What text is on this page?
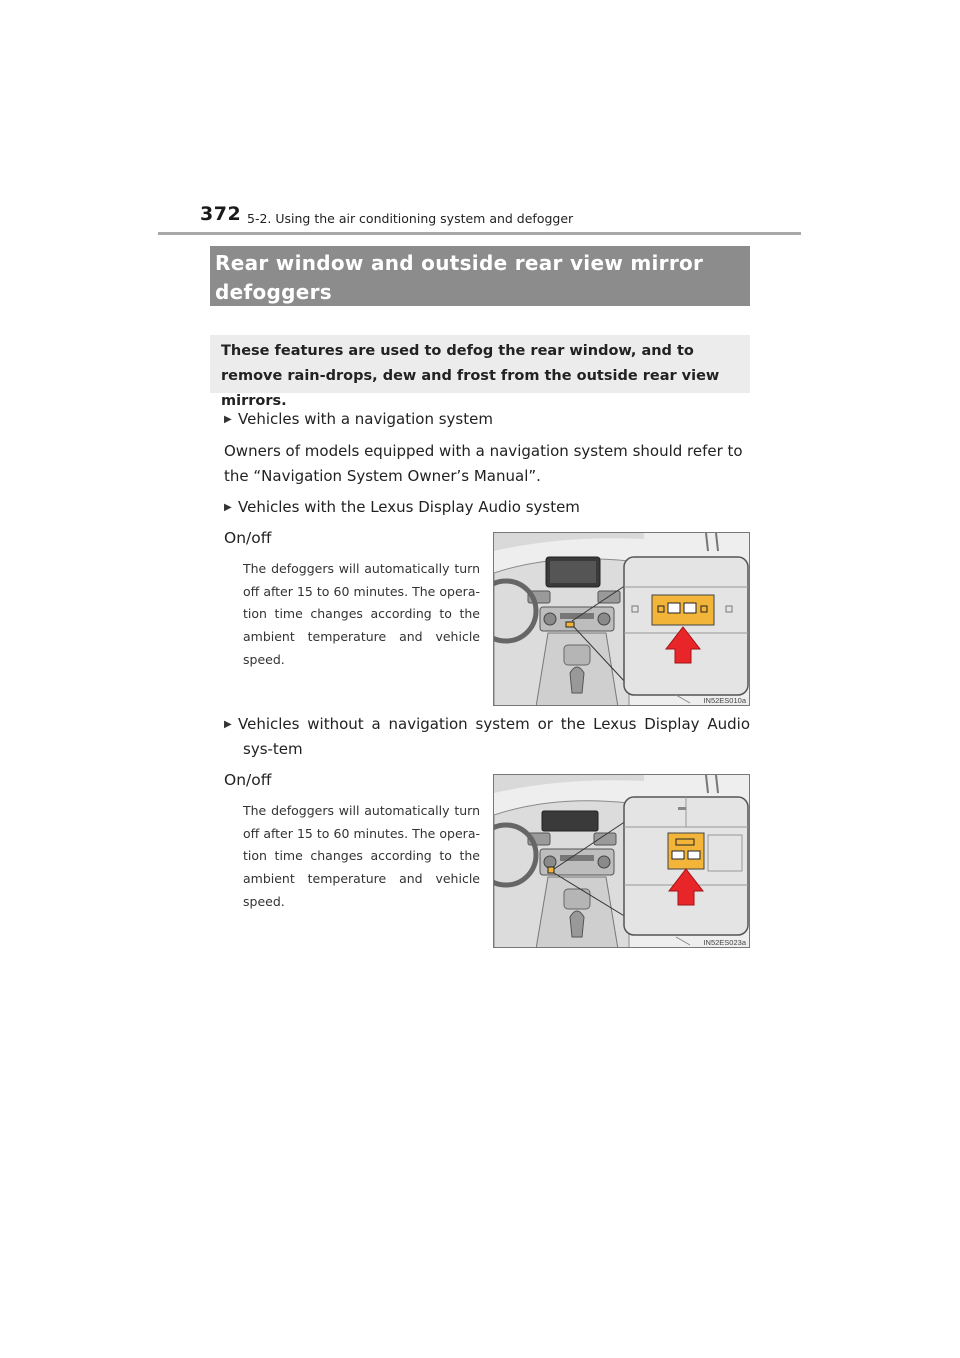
372 5-2. Using the air conditioning system and defogger
Rear window and outside rear view mirror defoggers

These features are used to defog the rear window, and to remove rain-drops, dew and frost from the outside rear view mirrors.

▶ Vehicles with a navigation system

Owners of models equipped with a navigation system should refer to the “Navigation System Owner’s Manual”.

▶ Vehicles with the Lexus Display Audio system
On/off

The defoggers will automatically turn off after 15 to 60 minutes. The opera-tion time changes according to the ambient temperature and vehicle speed.

IN52ES010a
▶ Vehicles without a navigation system or the Lexus Display Audio sys-tem
On/off

The defoggers will automatically turn off after 15 to 60 minutes. The opera-tion time changes according to the ambient temperature and vehicle speed.

IN52ES023a
